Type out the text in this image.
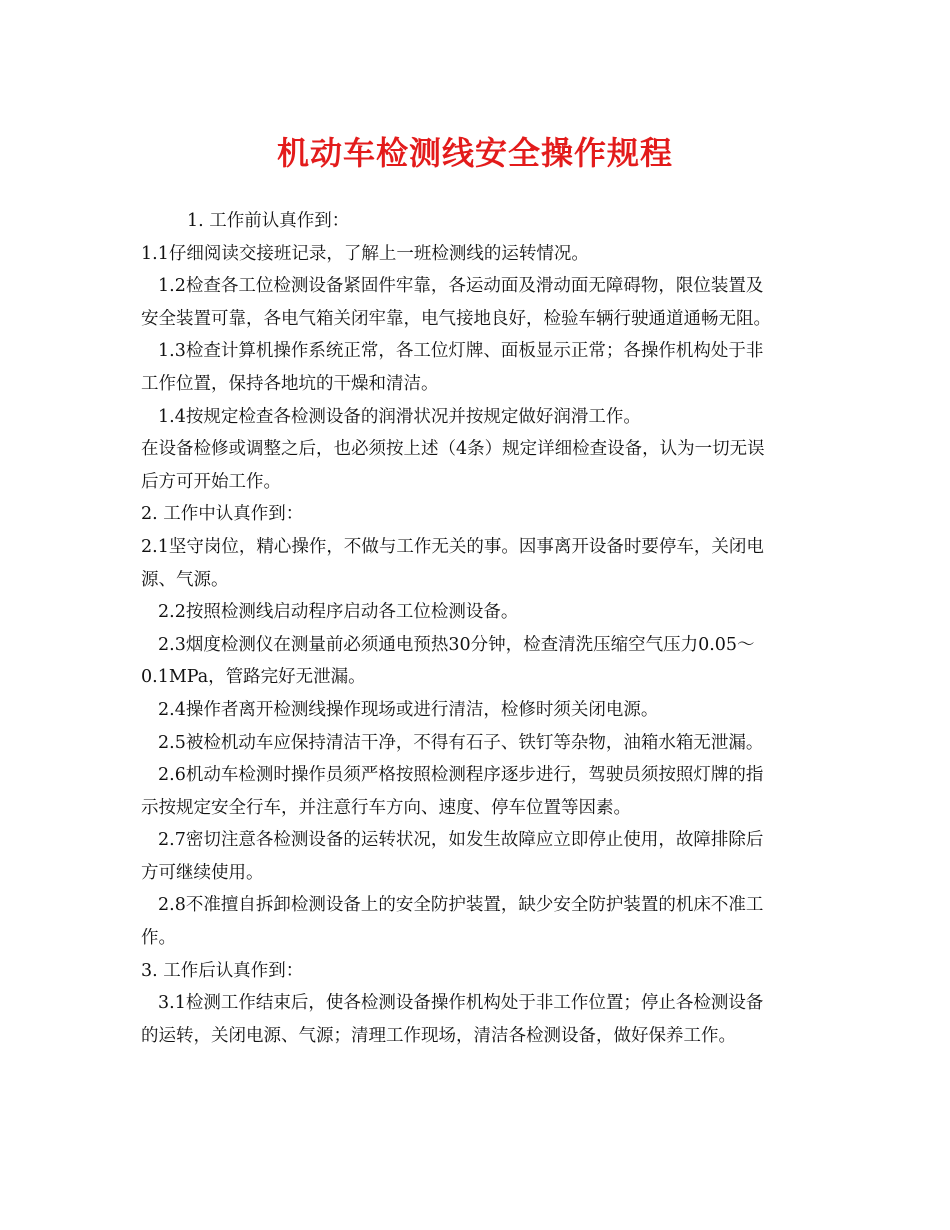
机动车检测线安全操作规程
1. 工作前认真作到：
1.1仔细阅读交接班记录，了解上一班检测线的运转情况。
1.2检查各工位检测设备紧固件牢靠，各运动面及滑动面无障碍物，限位装置及
安全装置可靠，各电气箱关闭牢靠，电气接地良好，检验车辆行驶通道通畅无阻。
1.3检查计算机操作系统正常，各工位灯牌、面板显示正常；各操作机构处于非
工作位置，保持各地坑的干燥和清洁。
1.4按规定检查各检测设备的润滑状况并按规定做好润滑工作。
在设备检修或调整之后，也必须按上述（4条）规定详细检查设备，认为一切无误
后方可开始工作。
2. 工作中认真作到：
2.1坚守岗位，精心操作，不做与工作无关的事。因事离开设备时要停车，关闭电
源、气源。
2.2按照检测线启动程序启动各工位检测设备。
2.3烟度检测仪在测量前必须通电预热30分钟，检查清洗压缩空气压力0.05～
0.1MPa，管路完好无泄漏。
2.4操作者离开检测线操作现场或进行清洁，检修时须关闭电源。
2.5被检机动车应保持清洁干净，不得有石子、铁钉等杂物，油箱水箱无泄漏。
2.6机动车检测时操作员须严格按照检测程序逐步进行，驾驶员须按照灯牌的指
示按规定安全行车，并注意行车方向、速度、停车位置等因素。
2.7密切注意各检测设备的运转状况，如发生故障应立即停止使用，故障排除后
方可继续使用。
2.8不准擅自拆卸检测设备上的安全防护装置，缺少安全防护装置的机床不准工
作。
3. 工作后认真作到：
3.1检测工作结束后，使各检测设备操作机构处于非工作位置；停止各检测设备
的运转，关闭电源、气源；清理工作现场，清洁各检测设备，做好保养工作。
